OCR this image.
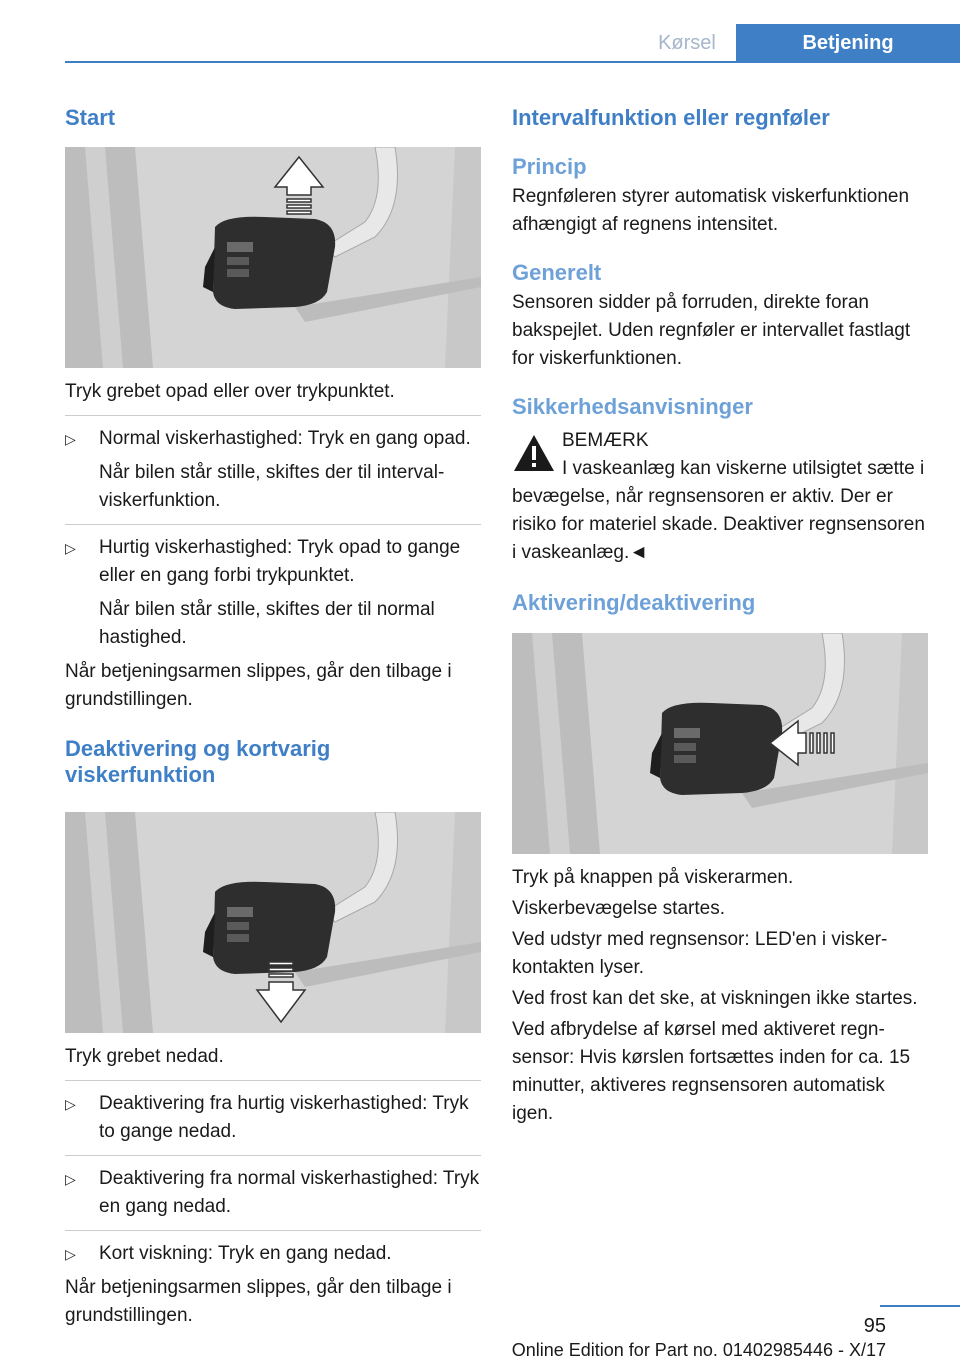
Kørsel	Betjening
Start

Tryk grebet opad eller over trykpunktet.

▷ Normal viskerhastighed: Tryk en gang opad.

Når bilen står stille, skiftes der til intervalviskerfunktion.

▷ Hurtig viskerhastighed: Tryk opad to gange eller en gang forbi trykpunktet.

Når bilen står stille, skiftes der til normal hastighed.

Når betjeningsarmen slippes, går den tilbage i grundstillingen.

Deaktivering og kortvarig viskerfunktion

Tryk grebet nedad.

▷ Deaktivering fra hurtig viskerhastighed: Tryk to gange nedad.

▷ Deaktivering fra normal viskerhastighed: Tryk en gang nedad.

▷ Kort viskning: Tryk en gang nedad.

Når betjeningsarmen slippes, går den tilbage i grundstillingen.

Intervalfunktion eller regnføler
Princip

Regnføleren styrer automatisk viskerfunktionen afhængigt af regnens intensitet.

Generelt

Sensoren sidder på forruden, direkte foran bakspejlet. Uden regnføler er intervallet fastlagt for viskerfunktionen.

Sikkerhedsanvisninger

BEMÆRK

I vaskeanlæg kan viskerne utilsigtet sætte i bevægelse, når regnsensoren er aktiv. Der er risiko for materiel skade. Deaktiver regnsensoren i vaskeanlæg.◄

Aktivering/deaktivering

Tryk på knappen på viskerarmen.

Viskerbevægelse startes.

Ved udstyr med regnsensor: LED'en i viskerkontakten lyser.

Ved frost kan det ske, at viskningen ikke startes.

Ved afbrydelse af kørsel med aktiveret regnsensor: Hvis kørslen fortsættes inden for ca. 15 minutter, aktiveres regnsensoren automatisk igen.

95
Online Edition for Part no. 01402985446 - X/17
